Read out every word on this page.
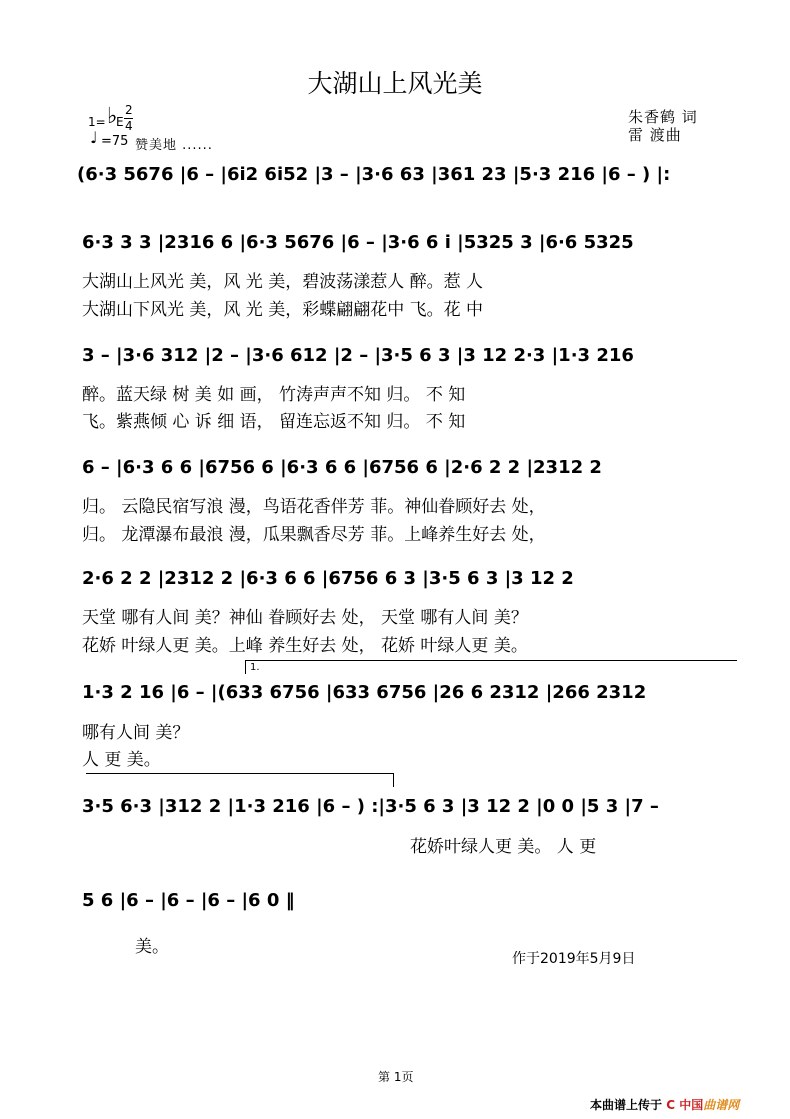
大湖山上风光美
朱香鹤 词
雷 渡曲
1= ♭
E
2
4
♩ =75 赞美地 ......
(6·3 5676 |6 – |6i2 6i52 |3 – |3·6 63 |361 23 |5·3 216 |6 – ) |:
6·3 3 3 |2316 6 |6·3 5676 |6 – |3·6 6 i |5325 3 |6·6 5325
大湖山上风光 美，风 光 美，碧波荡漾惹人 醉。惹 人
大湖山下风光 美，风 光 美，彩蝶翩翩花中 飞。花 中
3 – |3·6 312 |2 – |3·6 612 |2 – |3·5 6 3 |3 12 2·3 |1·3 216
醉。蓝天绿 树 美 如 画， 竹涛声声不知 归。 不 知
飞。紫燕倾 心 诉 细 语， 留连忘返不知 归。 不 知
6 – |6·3 6 6 |6756 6 |6·3 6 6 |6756 6 |2·6 2 2 |2312 2
归。 云隐民宿写浪 漫，鸟语花香伴芳 菲。神仙眷顾好去 处，
归。 龙潭瀑布最浪 漫，瓜果飘香尽芳 菲。上峰养生好去 处，
2·6 2 2 |2312 2 |6·3 6 6 |6756 6 3 |3·5 6 3 |3 12 2
天堂 哪有人间 美？神仙 眷顾好去 处， 天堂 哪有人间 美？
花娇 叶绿人更 美。上峰 养生好去 处， 花娇 叶绿人更 美。
1.
1·3 2 16 |6 – |(633 6756 |633 6756 |26 6 2312 |266 2312
哪有人间 美？
人 更 美。
3·5 6·3 |312 2 |1·3 216 |6 – ) :|3·5 6 3 |3 12 2 |0 0 |5 3 |7 –
花娇叶绿人更 美。 人 更
5 6 |6 – |6 – |6 – |6 0 ‖
美。
作于2019年5月9日
第 1页
本曲谱上传于 C 中国曲谱网
